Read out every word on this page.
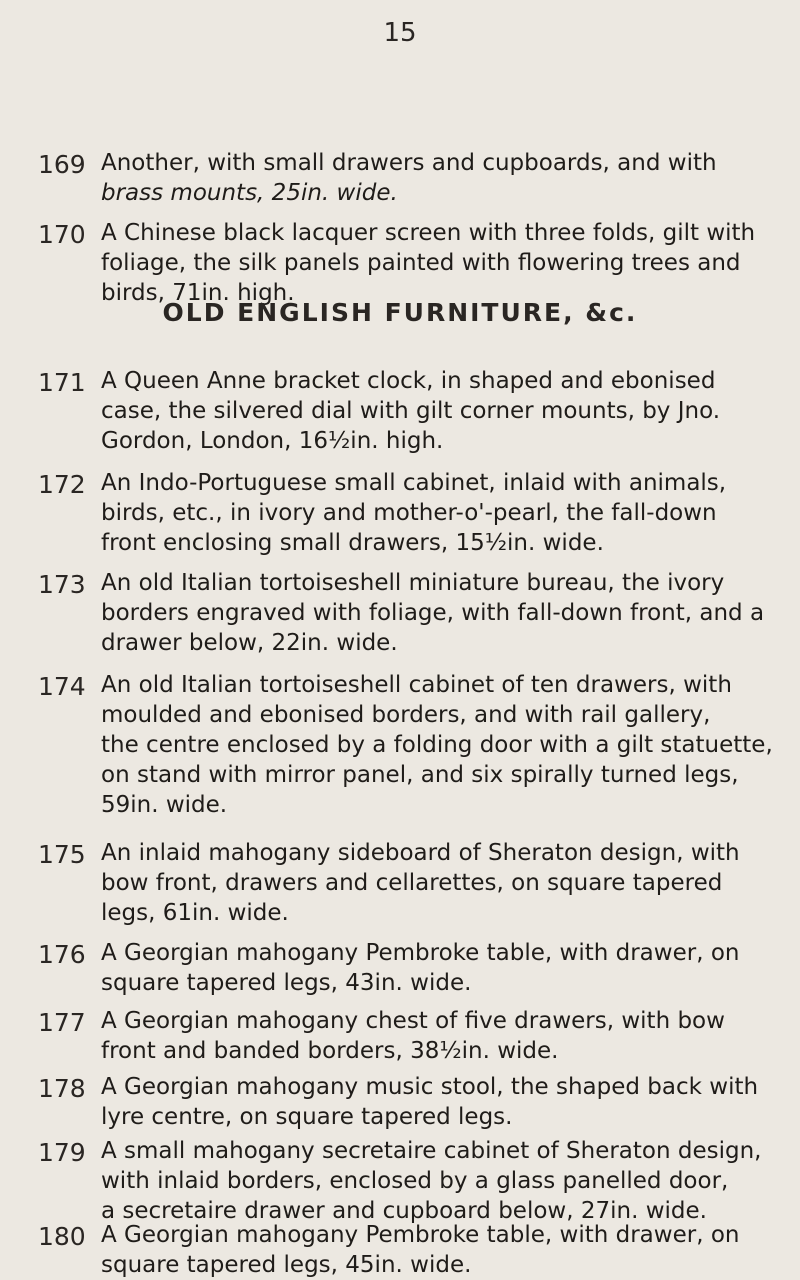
15
169 Another, with small drawers and cupboards, and with
brass mounts, 25in. wide.

170 A Chinese black lacquer screen with three folds, gilt with
foliage, the silk panels painted with flowering trees and
birds, 71in. high.

OLD ENGLISH FURNITURE, &c.
171 A Queen Anne bracket clock, in shaped and ebonised
case, the silvered dial with gilt corner mounts, by Jno.
Gordon, London, 16½in. high.

172 An Indo-Portuguese small cabinet, inlaid with animals,
birds, etc., in ivory and mother-o'-pearl, the fall-down
front enclosing small drawers, 15½in. wide.

173 An old Italian tortoiseshell miniature bureau, the ivory
borders engraved with foliage, with fall-down front, and a
drawer below, 22in. wide.

174 An old Italian tortoiseshell cabinet of ten drawers, with
moulded and ebonised borders, and with rail gallery,
the centre enclosed by a folding door with a gilt statuette,
on stand with mirror panel, and six spirally turned legs,
59in. wide.

175 An inlaid mahogany sideboard of Sheraton design, with
bow front, drawers and cellarettes, on square tapered
legs, 61in. wide.

176 A Georgian mahogany Pembroke table, with drawer, on
square tapered legs, 43in. wide.

177 A Georgian mahogany chest of five drawers, with bow
front and banded borders, 38½in. wide.

178 A Georgian mahogany music stool, the shaped back with
lyre centre, on square tapered legs.

179 A small mahogany secretaire cabinet of Sheraton design,
with inlaid borders, enclosed by a glass panelled door,
a secretaire drawer and cupboard below, 27in. wide.

180 A Georgian mahogany Pembroke table, with drawer, on
square tapered legs, 45in. wide.
